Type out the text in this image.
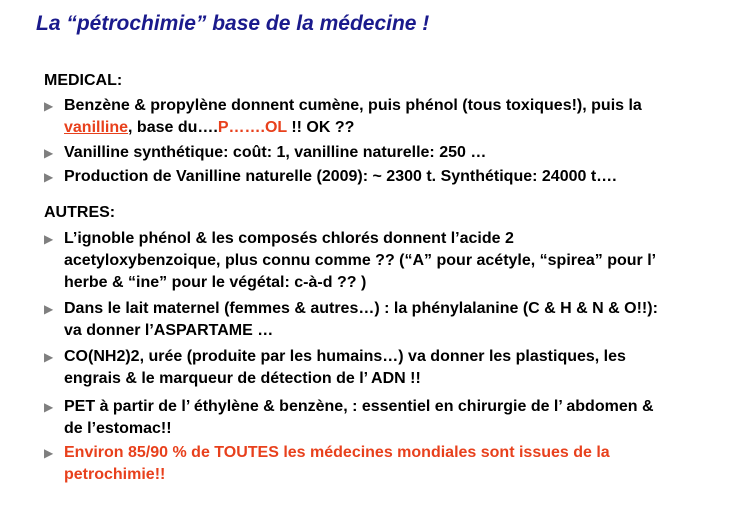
La “pétrochimie” base de la médecine !
MEDICAL:
▶ Benzène & propylène donnent cumène, puis phénol (tous toxiques!), puis la
vanilline, base du….P…….OL !! OK ??
▶ Vanilline synthétique: coût: 1, vanilline naturelle: 250 …
▶ Production de Vanilline naturelle (2009): ~ 2300 t. Synthétique: 24000 t….
AUTRES:
▶ L’ignoble phénol & les composés chlorés donnent l’acide 2
acetyloxybenzoique, plus connu comme ?? (“A” pour acétyle, “spirea” pour l’
herbe & “ine” pour le végétal: c-à-d ?? )
▶ Dans le lait maternel (femmes & autres…) : la phénylalanine (C & H & N & O!!):
va donner l’ASPARTAME …
▶ CO(NH2)2, urée (produite par les humains…) va donner les plastiques, les
engrais & le marqueur de détection de l’ ADN !!
▶ PET à partir de l’ éthylène & benzène, : essentiel en chirurgie de l’ abdomen &
de l’estomac!!
▶ Environ 85/90 % de TOUTES les médecines mondiales sont issues de la
petrochimie!!
